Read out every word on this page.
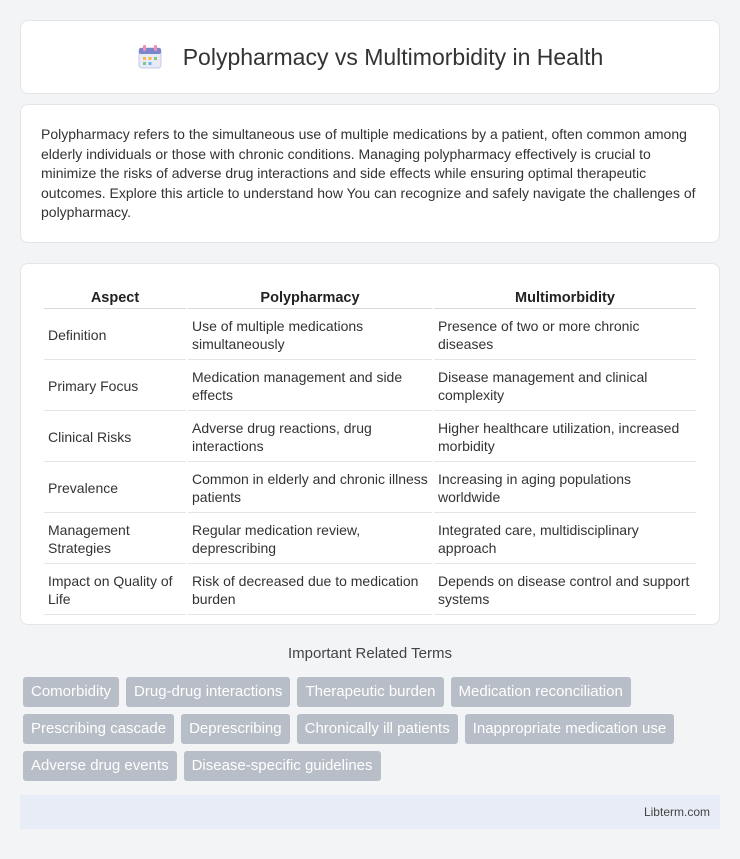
Polypharmacy vs Multimorbidity in Health

Polypharmacy refers to the simultaneous use of multiple medications by a patient, often common among elderly individuals or those with chronic conditions. Managing polypharmacy effectively is crucial to minimize the risks of adverse drug interactions and side effects while ensuring optimal therapeutic outcomes. Explore this article to understand how You can recognize and safely navigate the challenges of polypharmacy.

Aspect	Polypharmacy	Multimorbidity
Definition	Use of multiple medications simultaneously	Presence of two or more chronic diseases
Primary Focus	Medication management and side effects	Disease management and clinical complexity
Clinical Risks	Adverse drug reactions, drug interactions	Higher healthcare utilization, increased morbidity
Prevalence	Common in elderly and chronic illness patients	Increasing in aging populations worldwide
Management Strategies	Regular medication review, deprescribing	Integrated care, multidisciplinary approach
Impact on Quality of Life	Risk of decreased due to medication burden	Depends on disease control and support systems
Important Related Terms
Comorbidity	Drug-drug interactions	Therapeutic burden	Medication reconciliation
Prescribing cascade	Deprescribing	Chronically ill patients	Inappropriate medication use
Adverse drug events	Disease-specific guidelines
Libterm.com
